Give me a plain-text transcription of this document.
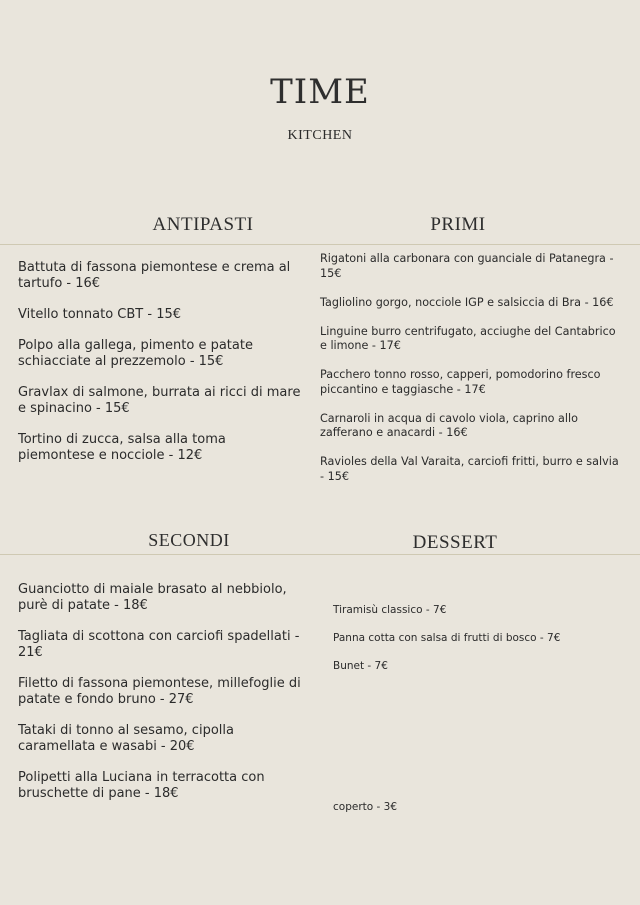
TIME
KITCHEN
ANTIPASTI	PRIMI
Battuta di fassona piemontese e crema al tartufo - 16€
Vitello tonnato CBT - 15€
Polpo alla gallega, pimento e patate schiacciate al prezzemolo - 15€
Gravlax di salmone, burrata ai ricci di mare e spinacino - 15€
Tortino di zucca, salsa alla toma piemontese e nocciole - 12€
Rigatoni alla carbonara con guanciale di Patanegra - 15€
Tagliolino gorgo, nocciole IGP e salsiccia di Bra - 16€
Linguine burro centrifugato, acciughe del Cantabrico e limone - 17€
Pacchero tonno rosso, capperi, pomodorino fresco piccantino e taggiasche - 17€
Carnaroli in acqua di cavolo viola, caprino allo zafferano e anacardi - 16€
Ravioles della Val Varaita, carciofi fritti, burro e salvia - 15€
SECONDI	DESSERT
Guanciotto di maiale brasato al nebbiolo, purè di patate - 18€
Tagliata di scottona con carciofi spadellati - 21€
Filetto di fassona piemontese, millefoglie di patate e fondo bruno - 27€
Tataki di tonno al sesamo, cipolla caramellata e wasabi - 20€
Polipetti alla Luciana in terracotta con bruschette di pane - 18€
Tiramisù classico - 7€
Panna cotta con salsa di frutti di bosco - 7€
Bunet - 7€
coperto - 3€
